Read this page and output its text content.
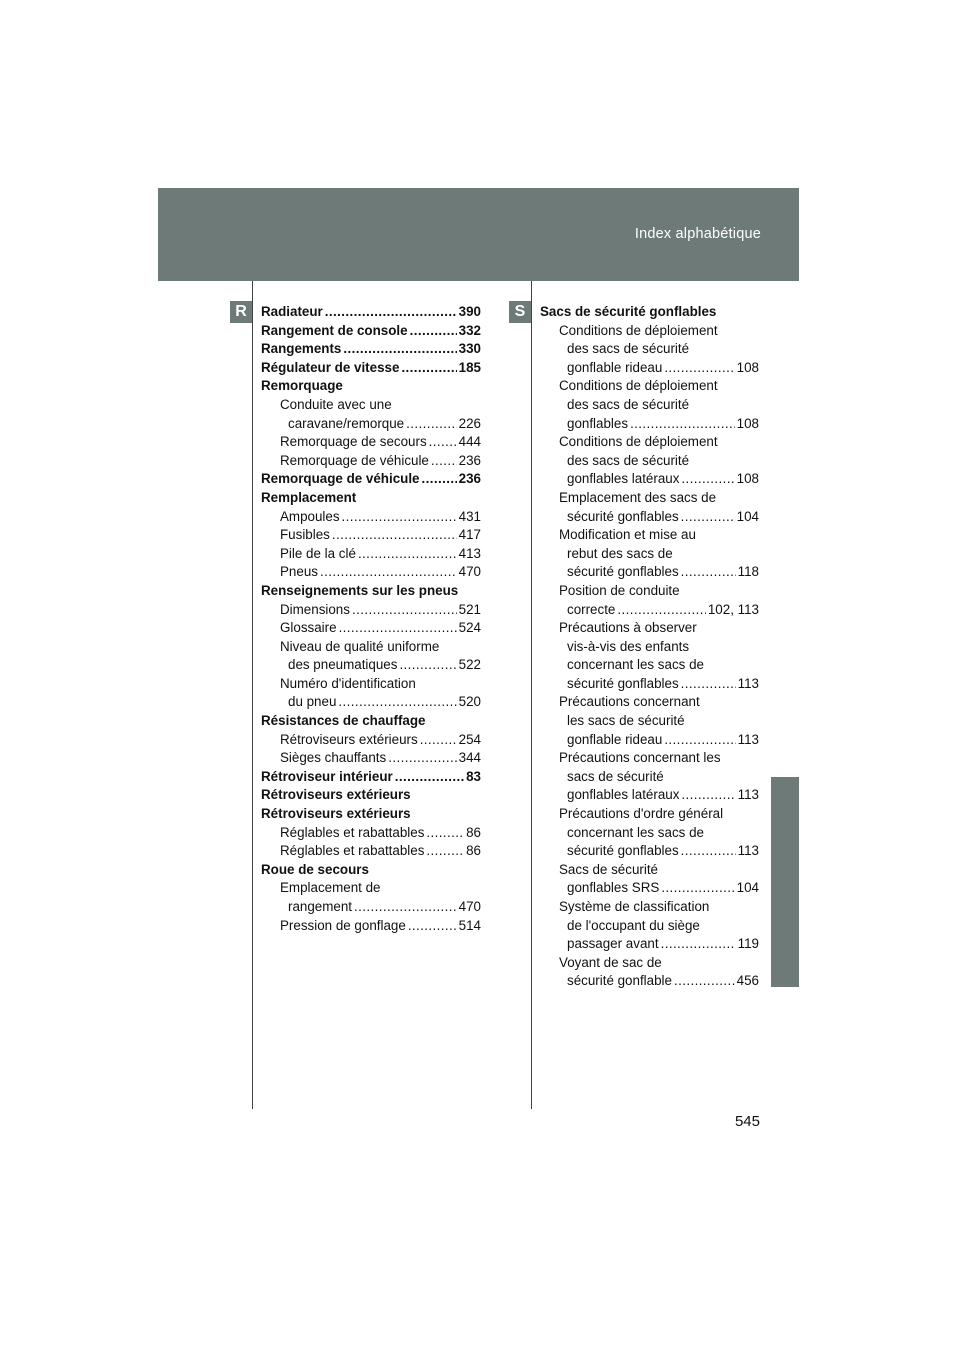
Index alphabétique
R	S
Radiateur .....	390
Rangement de console .....	332
Rangements .....	330
Régulateur de vitesse .....	185
Remorquage
Conduite avec une
caravane/remorque .....	226
Remorquage de secours ..... 444
Remorquage de véhicule ..... 236
Remorquage de véhicule .....	236
Remplacement
Ampoules .....	431
Fusibles .....	417
Pile de la clé .....	413
Pneus .....	470
Renseignements sur les pneus
Dimensions .....	521
Glossaire .....	524
Niveau de qualité uniforme
des pneumatiques .....	522
Numéro d'identification
du pneu .....	520
Résistances de chauffage
Rétroviseurs extérieurs .....	254
Sièges chauffants .....	344
Rétroviseur intérieur .....	83
Rétroviseurs extérieurs
Rétroviseurs extérieurs
Réglables et rabattables .....	86
Réglables et rabattables .....	86
Roue de secours
Emplacement de
rangement .....	470
Pression de gonflage .....	514
Sacs de sécurité gonflables
Conditions de déploiement
des sacs de sécurité
gonflable rideau .....	108
Conditions de déploiement
des sacs de sécurité
gonflables .....	108
Conditions de déploiement
des sacs de sécurité
gonflables latéraux .....	108
Emplacement des sacs de
sécurité gonflables .....	104
Modification et mise au
rebut des sacs de
sécurité gonflables .....	118
Position de conduite
correcte .....	102, 113
Précautions à observer
vis-à-vis des enfants
concernant les sacs de
sécurité gonflables .....	113
Précautions concernant
les sacs de sécurité
gonflable rideau .....	113
Précautions concernant les
sacs de sécurité
gonflables latéraux .....	113
Précautions d'ordre général
concernant les sacs de
sécurité gonflables .....	113
Sacs de sécurité
gonflables SRS .....	104
Système de classification
de l'occupant du siège
passager avant .....	119
Voyant de sac de
sécurité gonflable .....	456
545
